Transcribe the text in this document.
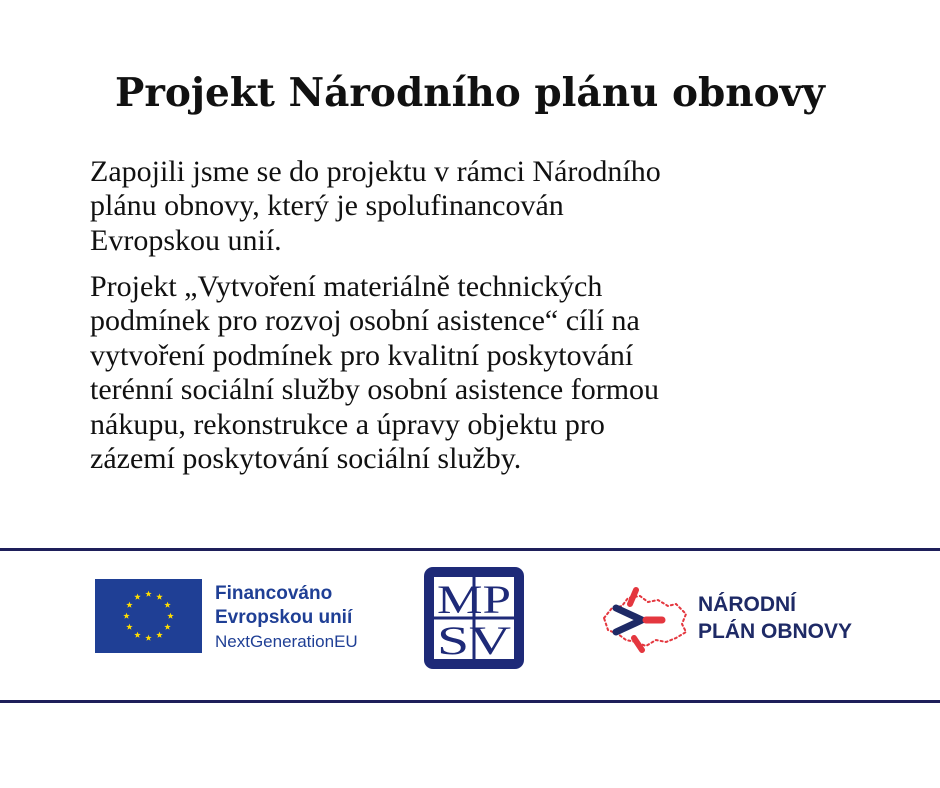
Projekt Národního plánu obnovy
Zapojili jsme se do projektu v rámci Národního
plánu obnovy, který je spolufinancován
Evropskou unií.
Projekt „Vytvoření materiálně technických
podmínek pro rozvoj osobní asistence“ cílí na
vytvoření podmínek pro kvalitní poskytování
terénní sociální služby osobní asistence formou
nákupu, rekonstrukce a úpravy objektu pro
zázemí poskytování sociální služby.
Financováno
Evropskou unií
NextGenerationEU
MP
SV
NÁRODNÍ
PLÁN OBNOVY
